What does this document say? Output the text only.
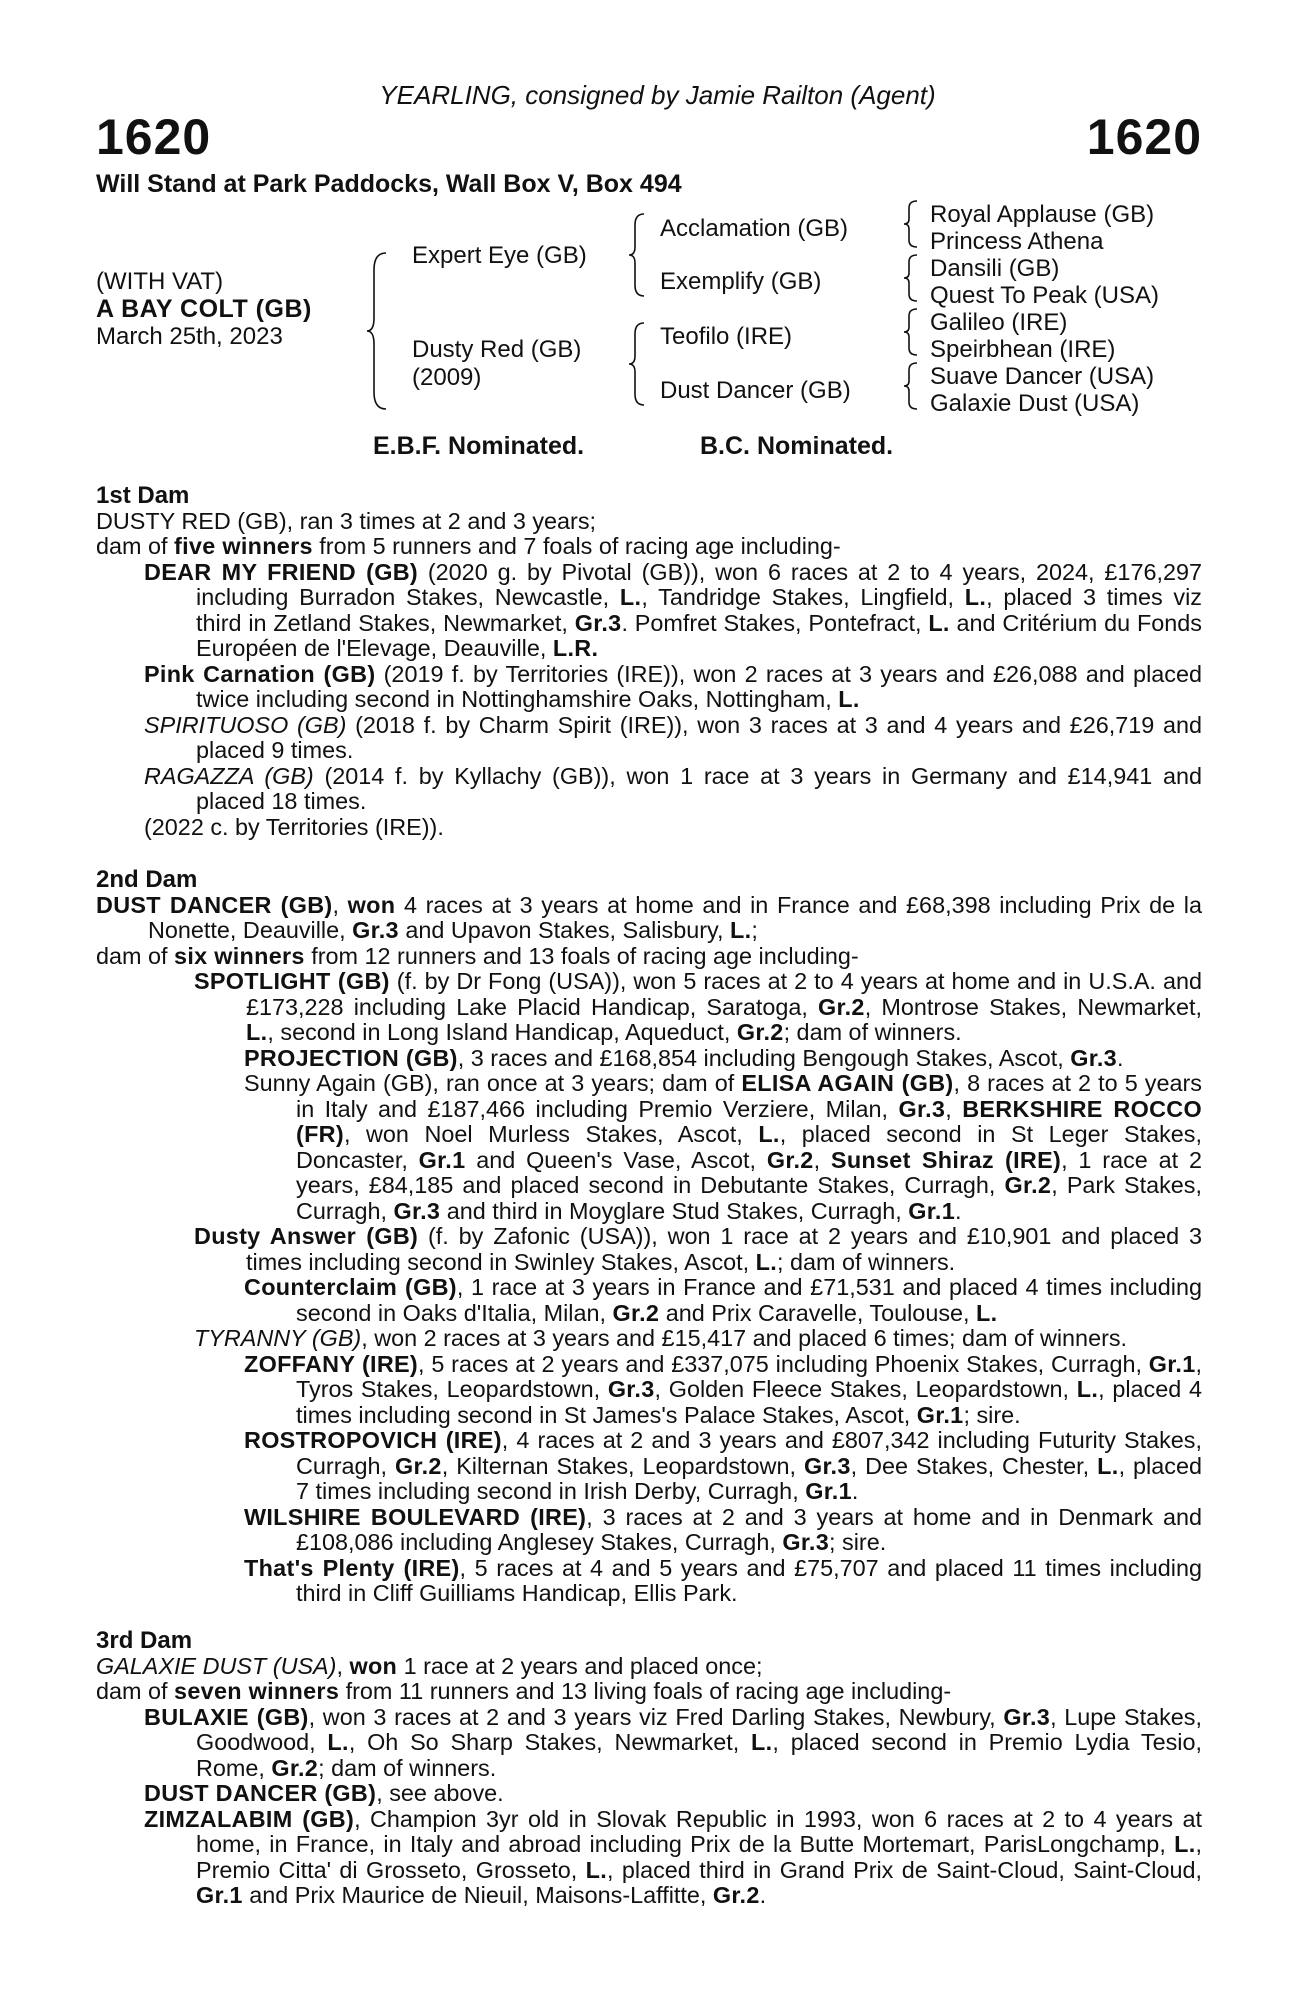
YEARLING, consigned by Jamie Railton (Agent)
1620	1620
Will Stand at Park Paddocks, Wall Box V, Box 494
(WITH VAT)
A BAY COLT (GB)
March 25th, 2023
Expert Eye (GB)
Dusty Red (GB)
(2009)
Acclamation (GB)
Exemplify (GB)
Teofilo (IRE)
Dust Dancer (GB)
Royal Applause (GB)
Princess Athena
Dansili (GB)
Quest To Peak (USA)
Galileo (IRE)
Speirbhean (IRE)
Suave Dancer (USA)
Galaxie Dust (USA)
E.B.F. Nominated.	B.C. Nominated.

1st Dam

DUSTY RED (GB), ran 3 times at 2 and 3 years;

dam of five winners from 5 runners and 7 foals of racing age including-

DEAR MY FRIEND (GB) (2020 g. by Pivotal (GB)), won 6 races at 2 to 4 years, 2024, £176,297 including Burradon Stakes, Newcastle, L., Tandridge Stakes, Lingfield, L., placed 3 times viz third in Zetland Stakes, Newmarket, Gr.3. Pomfret Stakes, Pontefract, L. and Critérium du Fonds Européen de l'Elevage, Deauville, L.R.

Pink Carnation (GB) (2019 f. by Territories (IRE)), won 2 races at 3 years and £26,088 and placed twice including second in Nottinghamshire Oaks, Nottingham, L.

SPIRITUOSO (GB) (2018 f. by Charm Spirit (IRE)), won 3 races at 3 and 4 years and £26,719 and placed 9 times.

RAGAZZA (GB) (2014 f. by Kyllachy (GB)), won 1 race at 3 years in Germany and £14,941 and placed 18 times.

(2022 c. by Territories (IRE)).

2nd Dam

DUST DANCER (GB), won 4 races at 3 years at home and in France and £68,398 including Prix de la Nonette, Deauville, Gr.3 and Upavon Stakes, Salisbury, L.;

dam of six winners from 12 runners and 13 foals of racing age including-

SPOTLIGHT (GB) (f. by Dr Fong (USA)), won 5 races at 2 to 4 years at home and in U.S.A. and £173,228 including Lake Placid Handicap, Saratoga, Gr.2, Montrose Stakes, Newmarket, L., second in Long Island Handicap, Aqueduct, Gr.2; dam of winners.

PROJECTION (GB), 3 races and £168,854 including Bengough Stakes, Ascot, Gr.3.

Sunny Again (GB), ran once at 3 years; dam of ELISA AGAIN (GB), 8 races at 2 to 5 years in Italy and £187,466 including Premio Verziere, Milan, Gr.3, BERKSHIRE ROCCO (FR), won Noel Murless Stakes, Ascot, L., placed second in St Leger Stakes, Doncaster, Gr.1 and Queen's Vase, Ascot, Gr.2, Sunset Shiraz (IRE), 1 race at 2 years, £84,185 and placed second in Debutante Stakes, Curragh, Gr.2, Park Stakes, Curragh, Gr.3 and third in Moyglare Stud Stakes, Curragh, Gr.1.

Dusty Answer (GB) (f. by Zafonic (USA)), won 1 race at 2 years and £10,901 and placed 3 times including second in Swinley Stakes, Ascot, L.; dam of winners.

Counterclaim (GB), 1 race at 3 years in France and £71,531 and placed 4 times including second in Oaks d'Italia, Milan, Gr.2 and Prix Caravelle, Toulouse, L.

TYRANNY (GB), won 2 races at 3 years and £15,417 and placed 6 times; dam of winners.

ZOFFANY (IRE), 5 races at 2 years and £337,075 including Phoenix Stakes, Curragh, Gr.1, Tyros Stakes, Leopardstown, Gr.3, Golden Fleece Stakes, Leopardstown, L., placed 4 times including second in St James's Palace Stakes, Ascot, Gr.1; sire.

ROSTROPOVICH (IRE), 4 races at 2 and 3 years and £807,342 including Futurity Stakes, Curragh, Gr.2, Kilternan Stakes, Leopardstown, Gr.3, Dee Stakes, Chester, L., placed 7 times including second in Irish Derby, Curragh, Gr.1.

WILSHIRE BOULEVARD (IRE), 3 races at 2 and 3 years at home and in Denmark and £108,086 including Anglesey Stakes, Curragh, Gr.3; sire.

That's Plenty (IRE), 5 races at 4 and 5 years and £75,707 and placed 11 times including third in Cliff Guilliams Handicap, Ellis Park.

3rd Dam

GALAXIE DUST (USA), won 1 race at 2 years and placed once;

dam of seven winners from 11 runners and 13 living foals of racing age including-

BULAXIE (GB), won 3 races at 2 and 3 years viz Fred Darling Stakes, Newbury, Gr.3, Lupe Stakes, Goodwood, L., Oh So Sharp Stakes, Newmarket, L., placed second in Premio Lydia Tesio, Rome, Gr.2; dam of winners.

DUST DANCER (GB), see above.

ZIMZALABIM (GB), Champion 3yr old in Slovak Republic in 1993, won 6 races at 2 to 4 years at home, in France, in Italy and abroad including Prix de la Butte Mortemart, ParisLongchamp, L., Premio Citta' di Grosseto, Grosseto, L., placed third in Grand Prix de Saint-Cloud, Saint-Cloud, Gr.1 and Prix Maurice de Nieuil, Maisons-Laffitte, Gr.2.
